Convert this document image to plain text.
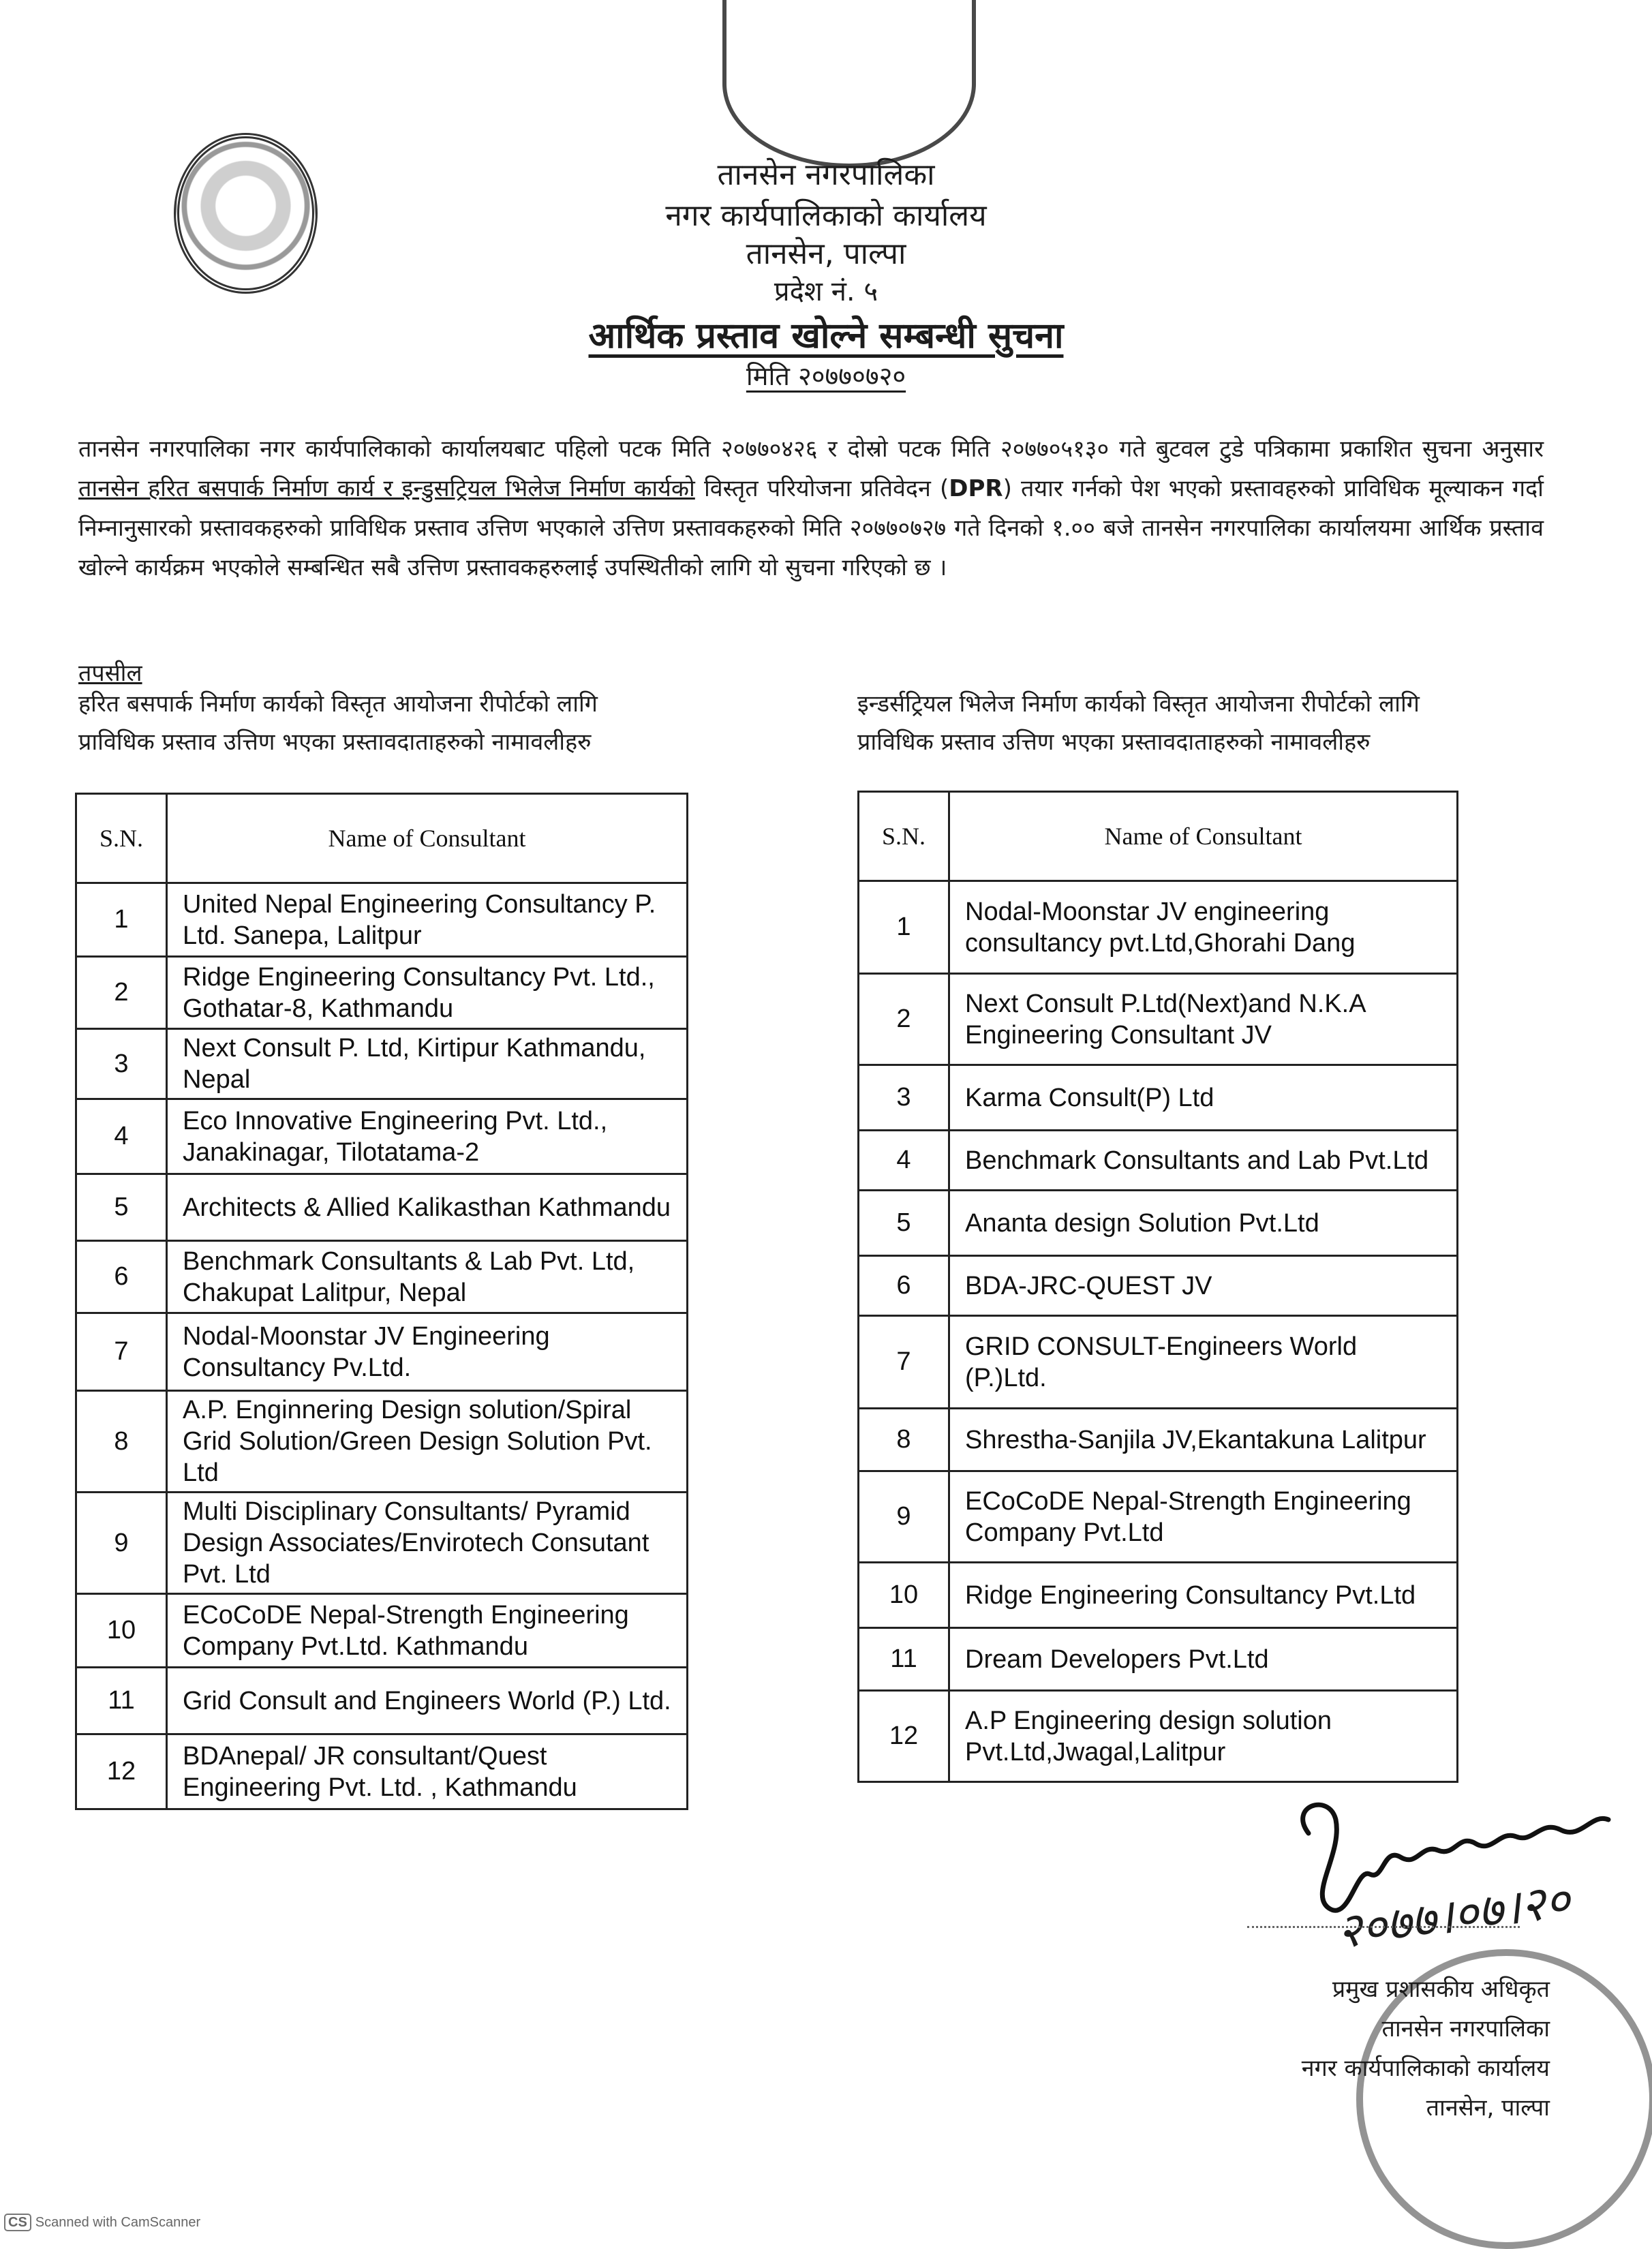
तानसेन नगरपालिका
नगर कार्यपालिकाको कार्यालय
तानसेन, पाल्पा
प्रदेश नं. ५
आर्थिक प्रस्ताव खोल्ने सम्बन्धी सुचना
मिति २०७७०७२०
तानसेन नगरपालिका नगर कार्यपालिकाको कार्यालयबाट पहिलो पटक मिति २०७७०४२६ र दोस्रो पटक मिति २०७७०५१३० गते बुटवल टुडे पत्रिकामा प्रकाशित सुचना अनुसार तानसेन हरित बसपार्क निर्माण कार्य र इन्डुसट्रियल भिलेज निर्माण कार्यको विस्तृत परियोजना प्रतिवेदन (DPR) तयार गर्नको पेश भएको प्रस्तावहरुको प्राविधिक मूल्याकन गर्दा निम्नानुसारको प्रस्तावकहरुको प्राविधिक प्रस्ताव उत्तिण भएकाले उत्तिण प्रस्तावकहरुको मिति २०७७०७२७ गते दिनको १.०० बजे तानसेन नगरपालिका कार्यालयमा आर्थिक प्रस्ताव खोल्ने कार्यक्रम भएकोले सम्बन्धित सबै उत्तिण प्रस्तावकहरुलाई उपस्थितीको लागि यो सुचना गरिएको छ ।
तपसील
हरित बसपार्क निर्माण कार्यको विस्तृत आयोजना रीपोर्टको लागि प्राविधिक प्रस्ताव उत्तिण भएका प्रस्तावदाताहरुको नामावलीहरु
इन्डर्सट्रियल भिलेज निर्माण कार्यको विस्तृत आयोजना रीपोर्टको लागि प्राविधिक प्रस्ताव उत्तिण भएका प्रस्तावदाताहरुको नामावलीहरु
S.N.	Name of Consultant
1	United Nepal Engineering Consultancy P. Ltd. Sanepa, Lalitpur
2	Ridge Engineering Consultancy Pvt. Ltd., Gothatar-8, Kathmandu
3	Next Consult P. Ltd, Kirtipur Kathmandu, Nepal
4	Eco Innovative Engineering Pvt. Ltd., Janakinagar, Tilotatama-2
5	Architects & Allied Kalikasthan Kathmandu
6	Benchmark Consultants & Lab Pvt. Ltd, Chakupat Lalitpur, Nepal
7	Nodal-Moonstar JV Engineering Consultancy Pv.Ltd.
8	A.P. Enginnering Design solution/Spiral Grid Solution/Green Design Solution Pvt. Ltd
9	Multi Disciplinary Consultants/ Pyramid Design Associates/Envirotech Consutant Pvt. Ltd
10	ECoCoDE Nepal-Strength Engineering Company Pvt.Ltd. Kathmandu
11	Grid Consult and Engineers World (P.) Ltd.
12	BDAnepal/ JR consultant/Quest Engineering Pvt. Ltd. , Kathmandu
S.N.	Name of Consultant
1	Nodal-Moonstar JV engineering consultancy pvt.Ltd,Ghorahi Dang
2	Next Consult P.Ltd(Next)and N.K.A Engineering Consultant JV
3	Karma Consult(P) Ltd
4	Benchmark Consultants and Lab Pvt.Ltd
5	Ananta design Solution Pvt.Ltd
6	BDA-JRC-QUEST JV
7	GRID CONSULT-Engineers World (P.)Ltd.
8	Shrestha-Sanjila JV,Ekantakuna Lalitpur
9	ECoCoDE Nepal-Strength Engineering Company Pvt.Ltd
10	Ridge Engineering Consultancy Pvt.Ltd
11	Dream Developers Pvt.Ltd
12	A.P Engineering design solution Pvt.Ltd,Jwagal,Lalitpur
२०७७।०७।२०
प्रमुख प्रशासकीय अधिकृत
तानसेन नगरपालिका
नगर कार्यपालिकाको कार्यालय
तानसेन, पाल्पा
CS Scanned with CamScanner
